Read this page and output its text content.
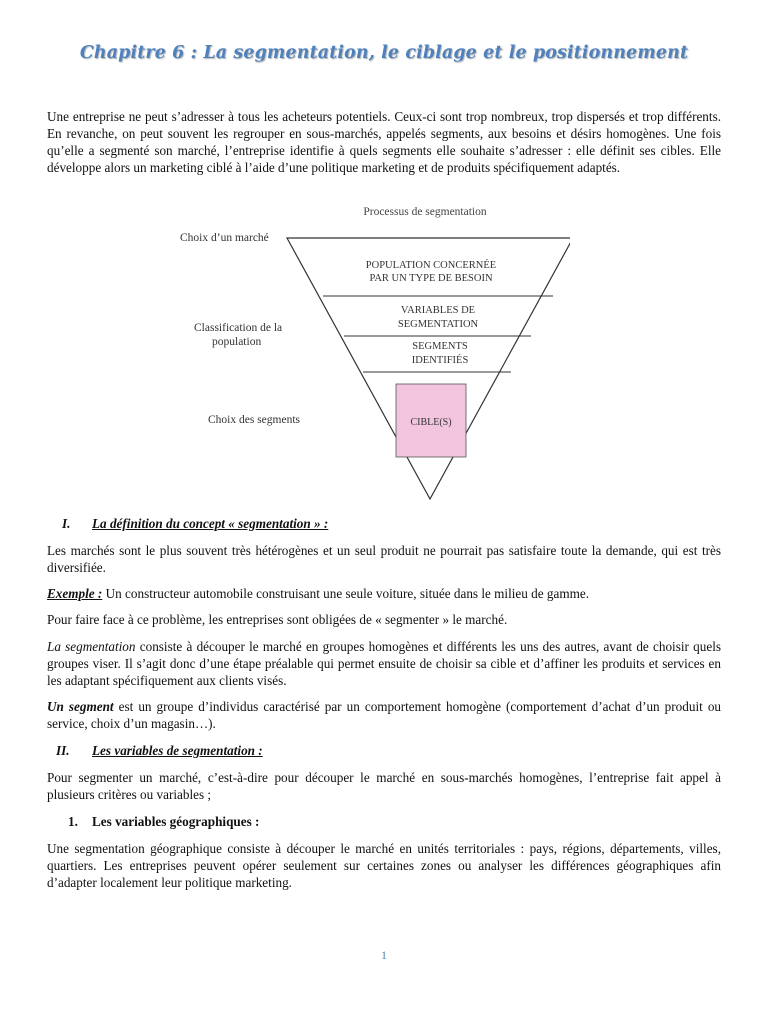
Chapitre 6 : La segmentation, le ciblage et le positionnement

Une entreprise ne peut s’adresser à tous les acheteurs potentiels. Ceux-ci sont trop nombreux, trop dispersés et trop différents. En revanche, on peut souvent les regrouper en sous-marchés, appelés segments, aux besoins et désirs homogènes. Une fois qu’elle a segmenté son marché, l’entreprise identifie à quels segments elle souhaite s’adresser : elle définit ses cibles. Elle développe alors un marketing ciblé à l’aide d’une politique marketing et de produits spécifiquement adaptés.

Processus de segmentation
POPULATION CONCERNÉE
PAR UN TYPE DE BESOIN
VARIABLES DE
SEGMENTATION
SEGMENTS
IDENTIFIÉS
CIBLE(S)
Choix d’un marché
Classification de la
population
Choix des segments
I. La définition du concept « segmentation » :

Les marchés sont le plus souvent très hétérogènes et un seul produit ne pourrait pas satisfaire toute la demande, qui est très diversifiée.

Exemple : Un constructeur automobile construisant une seule voiture, située dans le milieu de gamme.

Pour faire face à ce problème, les entreprises sont obligées de « segmenter » le marché.

La segmentation consiste à découper le marché en groupes homogènes et différents les uns des autres, avant de choisir quels groupes viser. Il s’agit donc d’une étape préalable qui permet ensuite de choisir sa cible et d’affiner les produits et services en les adaptant spécifiquement aux clients visés.

Un segment est un groupe d’individus caractérisé par un comportement homogène (comportement d’achat d’un produit ou service, choix d’un magasin…).

II. Les variables de segmentation :

Pour segmenter un marché, c’est-à-dire pour découper le marché en sous-marchés homogènes, l’entreprise fait appel à plusieurs critères ou variables ;

1. Les variables géographiques :

Une segmentation géographique consiste à découper le marché en unités territoriales : pays, régions, départements, villes, quartiers. Les entreprises peuvent opérer seulement sur certaines zones ou analyser les différences géographiques afin d’adapter localement leur politique marketing.

1
